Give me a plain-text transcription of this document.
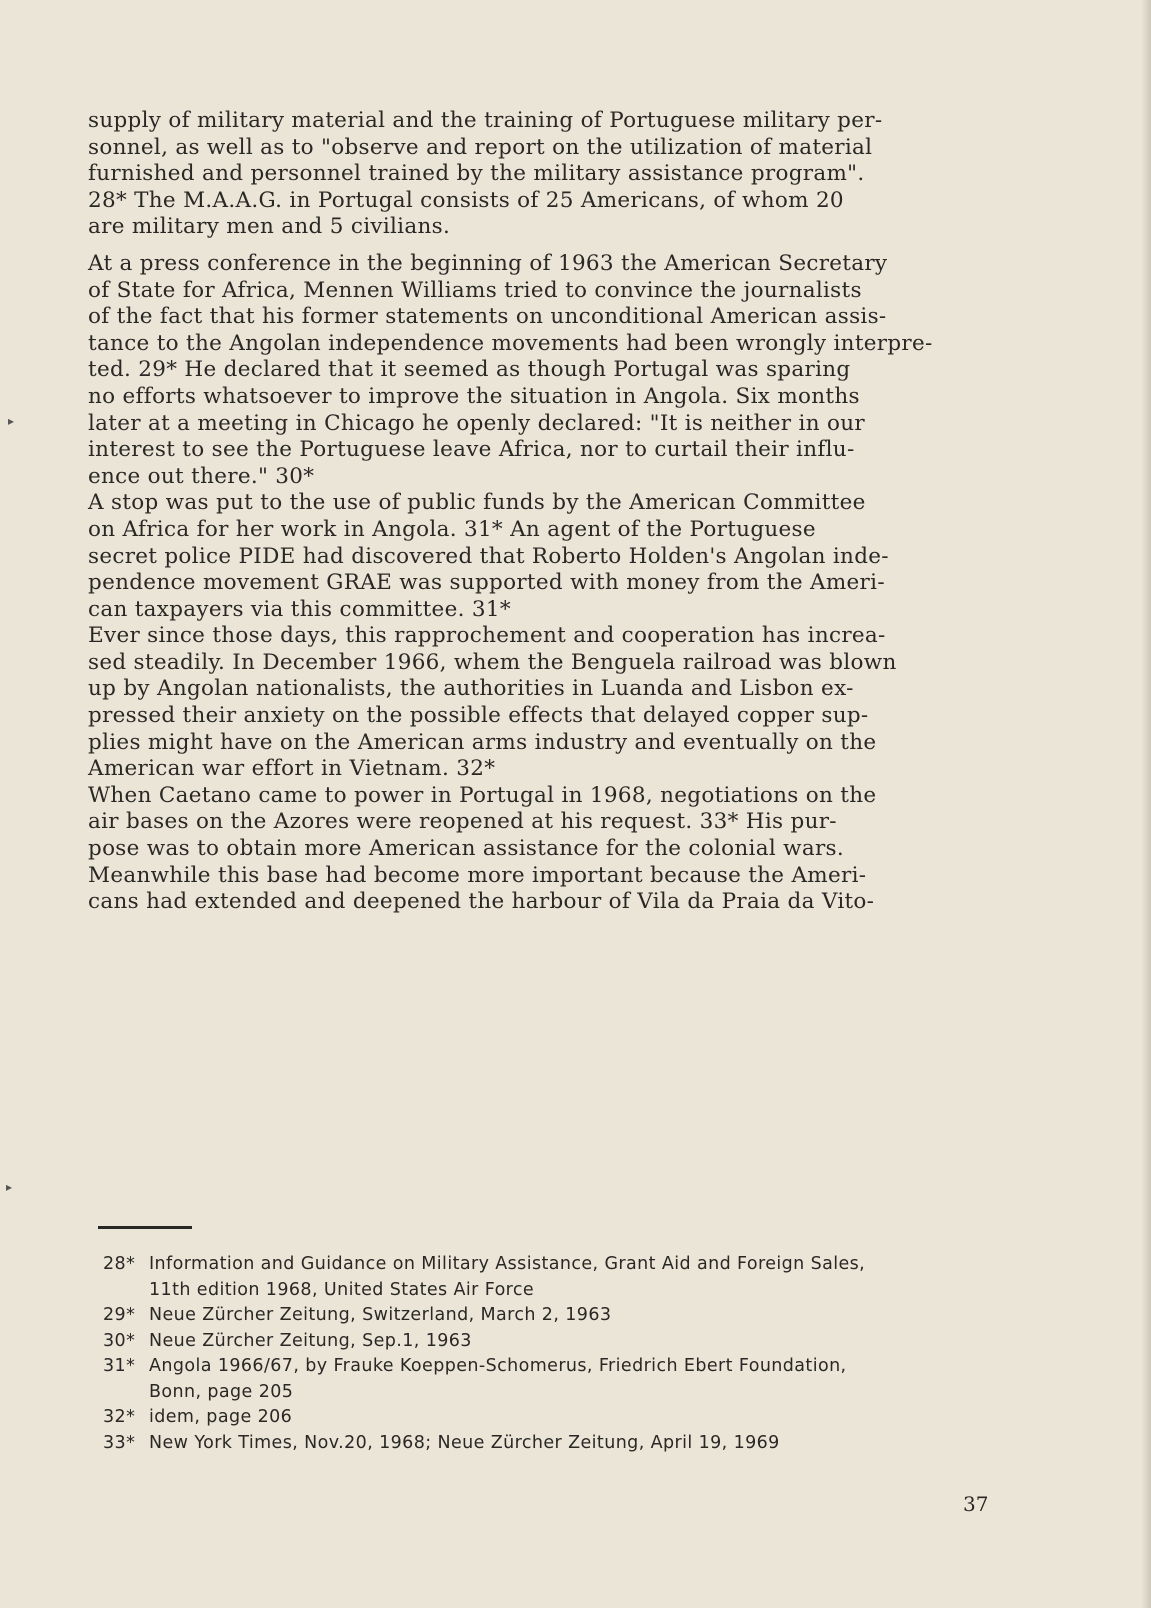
supply of military material and the training of Portuguese military per-
sonnel, as well as to "observe and report on the utilization of material
furnished and personnel trained by the military assistance program".
28* The M.A.A.G. in Portugal consists of 25 Americans, of whom 20
are military men and 5 civilians.
At a press conference in the beginning of 1963 the American Secretary
of State for Africa, Mennen Williams tried to convince the journalists
of the fact that his former statements on unconditional American assis-
tance to the Angolan independence movements had been wrongly interpre-
ted. 29* He declared that it seemed as though Portugal was sparing
no efforts whatsoever to improve the situation in Angola. Six months
later at a meeting in Chicago he openly declared: "It is neither in our
interest to see the Portuguese leave Africa, nor to curtail their influ-
ence out there." 30*
A stop was put to the use of public funds by the American Committee
on Africa for her work in Angola. 31* An agent of the Portuguese
secret police PIDE had discovered that Roberto Holden's Angolan inde-
pendence movement GRAE was supported with money from the Ameri-
can taxpayers via this committee. 31*
Ever since those days, this rapprochement and cooperation has increa-
sed steadily. In December 1966, whem the Benguela railroad was blown
up by Angolan nationalists, the authorities in Luanda and Lisbon ex-
pressed their anxiety on the possible effects that delayed copper sup-
plies might have on the American arms industry and eventually on the
American war effort in Vietnam. 32*
When Caetano came to power in Portugal in 1968, negotiations on the
air bases on the Azores were reopened at his request. 33* His pur-
pose was to obtain more American assistance for the colonial wars.
Meanwhile this base had become more important because the Ameri-
cans had extended and deepened the harbour of Vila da Praia da Vito-
28* Information and Guidance on Military Assistance, Grant Aid and Foreign Sales,
11th edition 1968, United States Air Force
29* Neue Zürcher Zeitung, Switzerland, March 2, 1963
30* Neue Zürcher Zeitung, Sep.1, 1963
31* Angola 1966/67, by Frauke Koeppen-Schomerus, Friedrich Ebert Foundation,
Bonn, page 205
32* idem, page 206
33* New York Times, Nov.20, 1968; Neue Zürcher Zeitung, April 19, 1969
37
▸
▸
